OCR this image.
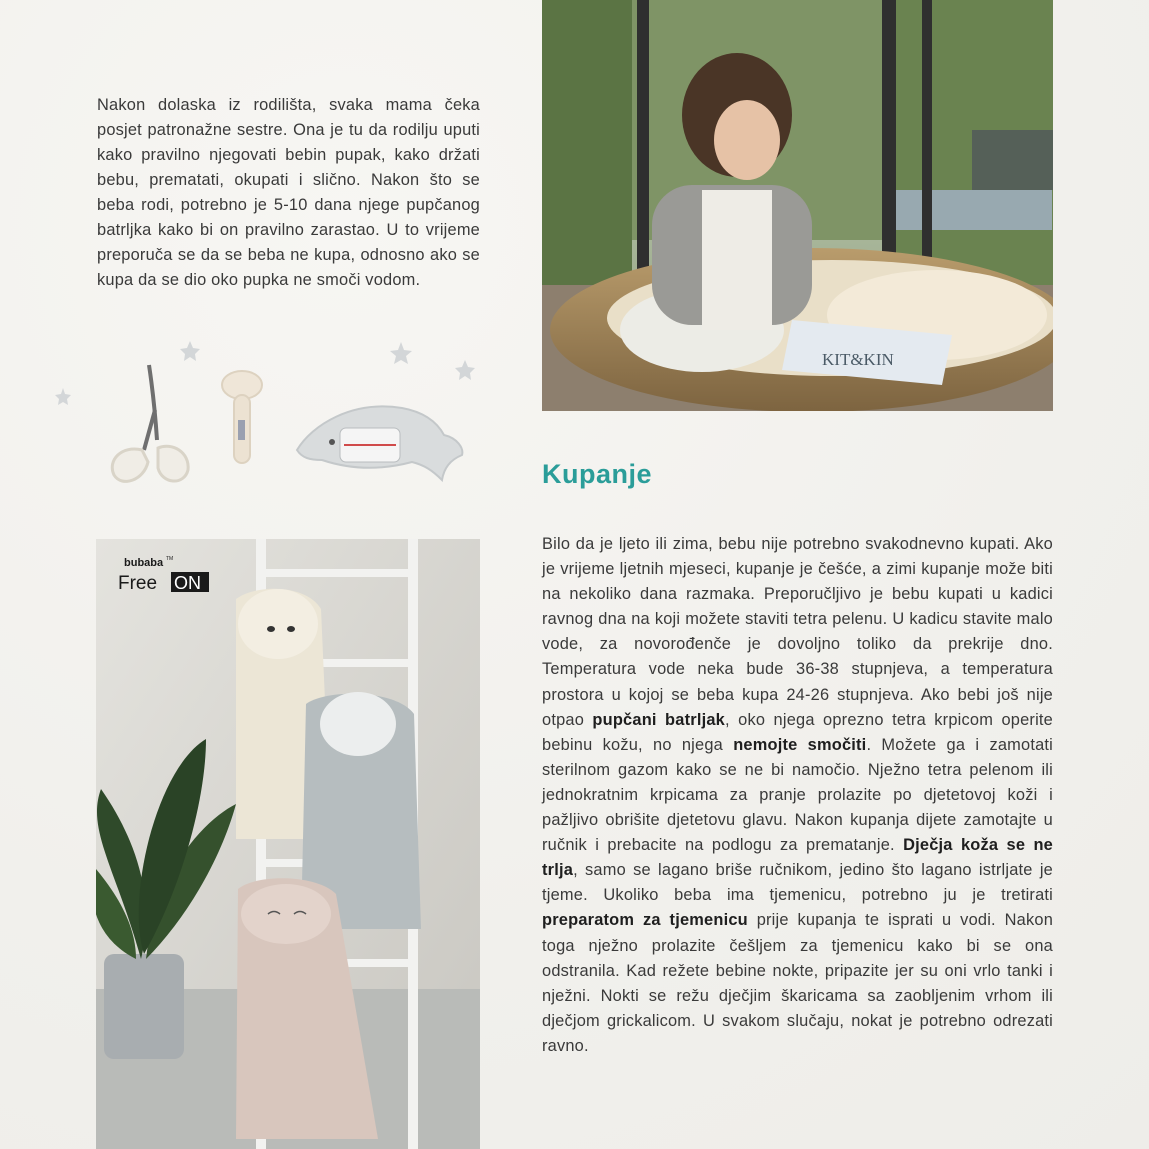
Nakon dolaska iz rodilišta, svaka mama čeka posjet patronažne sestre. Ona je tu da rodilju uputi kako pravilno njegovati bebin pupak, kako držati bebu, prematati, okupati i slično. Nakon što se beba rodi, potrebno je 5-10 dana njege pupčanog batrljka kako bi on pravilno zarastao. U to vrijeme preporuča se da se beba ne kupa, odnosno ako se kupa da se dio oko pupka ne smoči vodom.
KIT&KIN
Kupanje
Bilo da je ljeto ili zima, bebu nije potrebno svakodnevno kupati. Ako je vrijeme ljetnih mjeseci, kupanje je češće, a zimi kupanje može biti na nekoliko dana razmaka. Preporučljivo je bebu kupati u kadici ravnog dna na koji možete staviti tetra pelenu. U kadicu stavite malo vode, za novorođenče je dovoljno toliko da prekrije dno. Temperatura vode neka bude 36-38 stupnjeva, a temperatura prostora u kojoj se beba kupa 24-26 stupnjeva. Ako bebi još nije otpao pupčani batrljak, oko njega oprezno tetra krpicom operite bebinu kožu, no njega nemojte smočiti. Možete ga i zamotati sterilnom gazom kako se ne bi namočio. Nježno tetra pelenom ili jednokratnim krpicama za pranje prolazite po djetetovoj koži i pažljivo obrišite djetetovu glavu. Nakon kupanja dijete zamotajte u ručnik i prebacite na podlogu za prematanje. Dječja koža se ne trlja, samo se lagano briše ručnikom, jedino što lagano istrljate je tjeme. Ukoliko beba ima tjemenicu, potrebno ju je tretirati preparatom za tjemenicu prije kupanja te isprati u vodi. Nakon toga nježno prolazite češljem za tjemenicu kako bi se ona odstranila. Kad režete bebine nokte, pripazite jer su oni vrlo tanki i nježni. Nokti se režu dječjim škaricama sa zaobljenim vrhom ili dječjom grickalicom. U svakom slučaju, nokat je potrebno odrezati ravno.
bubaba TM
Free ON
